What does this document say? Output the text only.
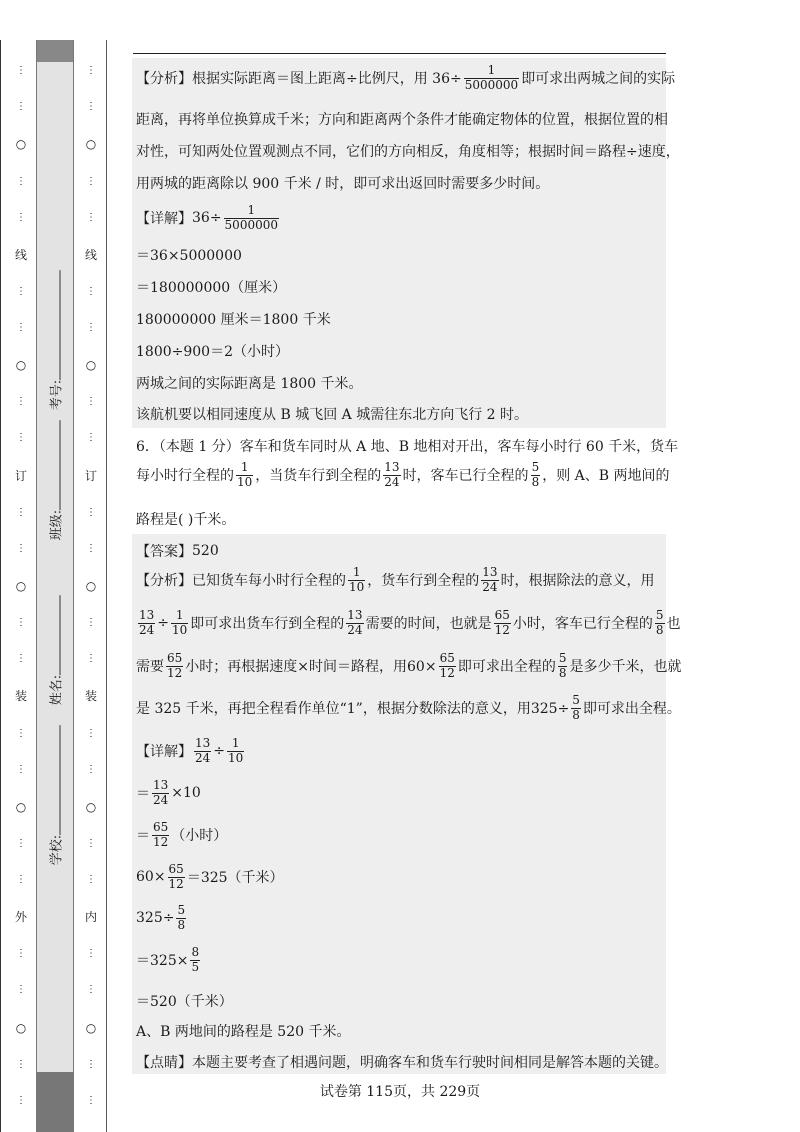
⋮
⋮
○
⋮
⋮
线
⋮
⋮
○
⋮
⋮
订
⋮
⋮
○
⋮
⋮
装
⋮
⋮
○
⋮
⋮
外
⋮
⋮
○
⋮
⋮
学校:
姓名:
班级:
考号:
⋮
⋮
○
⋮
⋮
线
⋮
⋮
○
⋮
⋮
订
⋮
⋮
○
⋮
⋮
装
⋮
⋮
○
⋮
⋮
内
⋮
⋮
○
⋮
⋮
【分析】 根据实际距离＝图上距离÷比例尺，用 $36\div \frac{1}{5000000}$ 即可求出两城之间的实际
距离，再将单位换算成千米；方向和距离两个条件才能确定物体的位置，根据位置的相
对性，可知两处位置观测点不同，它们的方向相反，角度相等；根据时间＝路程÷速度，
用两城的距离除以 900 千米 / 时，即可求出返回时需要多少时间。
【详解】 $36\div \frac{1}{5000000}$
＝36×5000000
＝180000000（厘米）
180000000 厘米＝1800 千米
1800÷900＝2（小时）
两城之间的实际距离是 1800 千米。
该航机要以相同速度从 B 城飞回 A 城需往东北方向飞行 2 时。
6．（本题 1 分）客车和货车同时从 A 地、B 地相对开出，客车每小时行 60 千米，货车
每小时行全程的 $\frac{1}{10}$ ，当货车行到全程的 $\frac{13}{24}$ 时，客车已行全程的 $\frac{5}{8}$ ，则 A、B 两地间的
路程是( )千米。
【答案】 520
【分析】 已知货车每小时行全程的 $\frac{1}{10}$ ，货车行到全程的 $\frac{13}{24}$ 时，根据除法的意义，用
$\frac{13}{24} \div \frac{1}{10}$ 即可求出货车行到全程的 $\frac{13}{24}$ 需要的时间，也就是 $\frac{65}{12}$ 小时，客车已行全程的 $\frac{5}{8}$ 也
需要 $\frac{65}{12}$ 小时；再根据速度×时间＝路程，用$60\times \frac{65}{12}$ 即可求出全程的 $\frac{5}{8}$ 是多少千米，也就
是 325 千米，再把全程看作单位“1”，根据分数除法的意义，用$325\div \frac{5}{8}$ 即可求出全程。
【详解】 $\frac{13}{24} \div \frac{1}{10}$
＝ $\frac{13}{24} \times 10$
＝ $\frac{65}{12}$ （小时）
$60\times \frac{65}{12} =325$（千米）
$325\div \frac{5}{8}$
$=325\times \frac{8}{5}$
＝520（千米）
A、B 两地间的路程是 520 千米。
【点睛】 本题主要考查了相遇问题，明确客车和货车行驶时间相同是解答本题的关键。
试卷第 115页，共 229页
